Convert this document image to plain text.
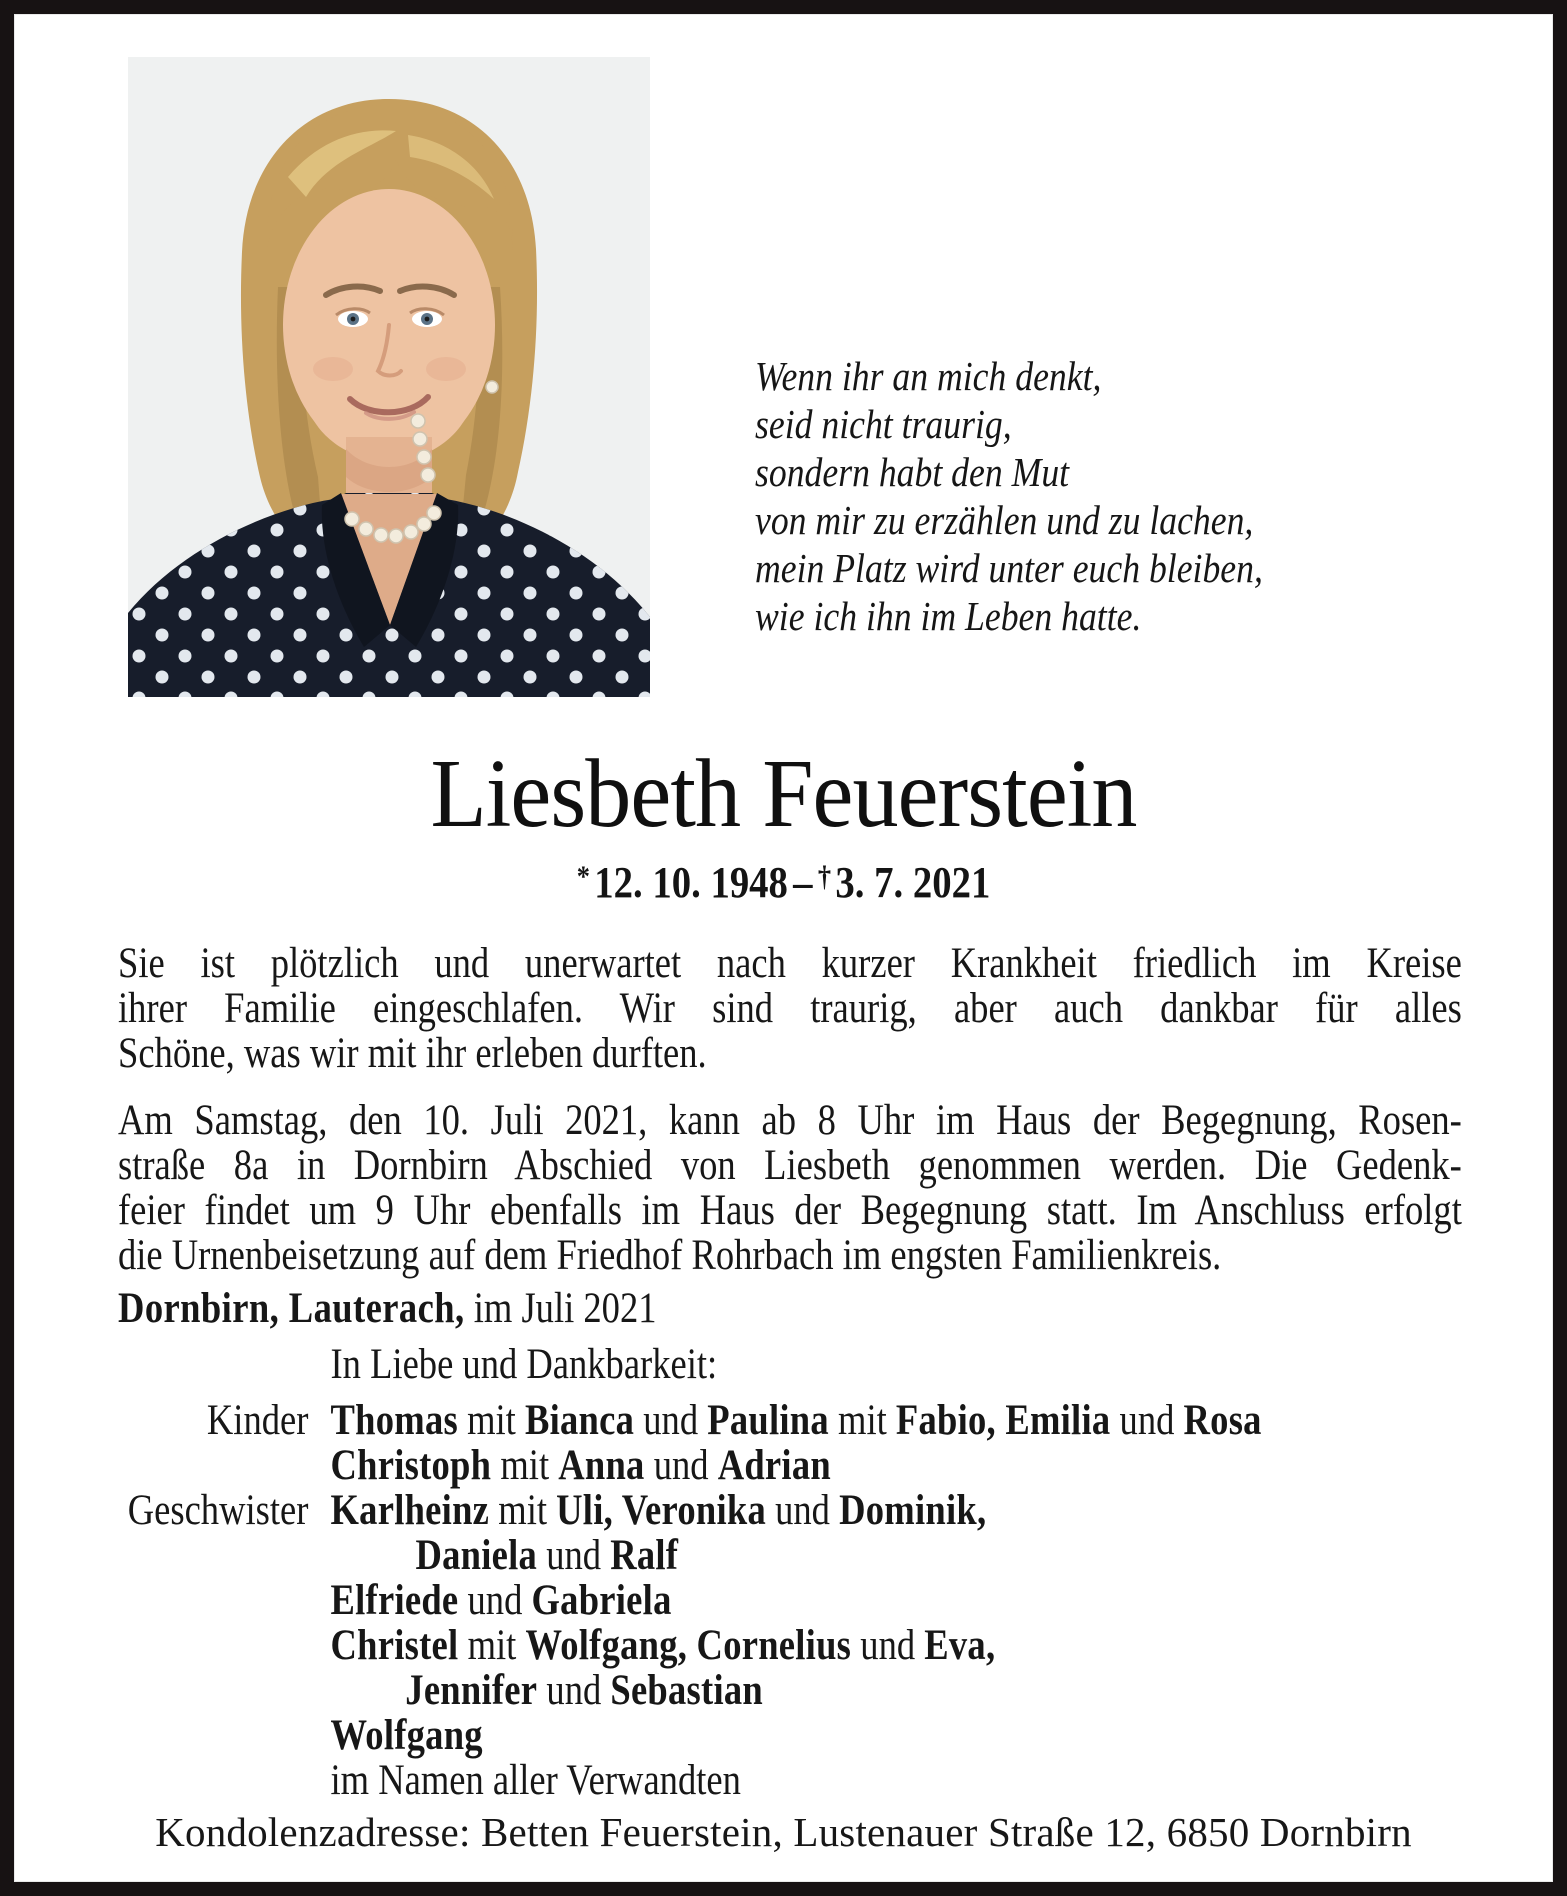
Wenn ihr an mich denkt,
seid nicht traurig,
sondern habt den Mut
von mir zu erzählen und zu lachen,
mein Platz wird unter euch bleiben,
wie ich ihn im Leben hatte.
Liesbeth Feuerstein
* 12. 10. 1948 – † 3. 7. 2021
Sie ist plötzlich und unerwartet nach kurzer Krankheit friedlich im Kreise
ihrer Familie eingeschlafen. Wir sind traurig, aber auch dankbar für alles
Schöne, was wir mit ihr erleben durften.
Am Samstag, den 10. Juli 2021, kann ab 8 Uhr im Haus der Begegnung, Rosen-
straße 8a in Dornbirn Abschied von Liesbeth genommen werden. Die Gedenk-
feier findet um 9 Uhr ebenfalls im Haus der Begegnung statt. Im Anschluss erfolgt
die Urnenbeisetzung auf dem Friedhof Rohrbach im engsten Familienkreis.
Dornbirn, Lauterach, im Juli 2021
In Liebe und Dankbarkeit:
Kinder Thomas mit Bianca und Paulina mit Fabio, Emilia und Rosa
Christoph mit Anna und Adrian
Geschwister Karlheinz mit Uli, Veronika und Dominik,
Daniela und Ralf
Elfriede und Gabriela
Christel mit Wolfgang, Cornelius und Eva,
Jennifer und Sebastian
Wolfgang
im Namen aller Verwandten
Kondolenzadresse: Betten Feuerstein, Lustenauer Straße 12, 6850 Dornbirn
